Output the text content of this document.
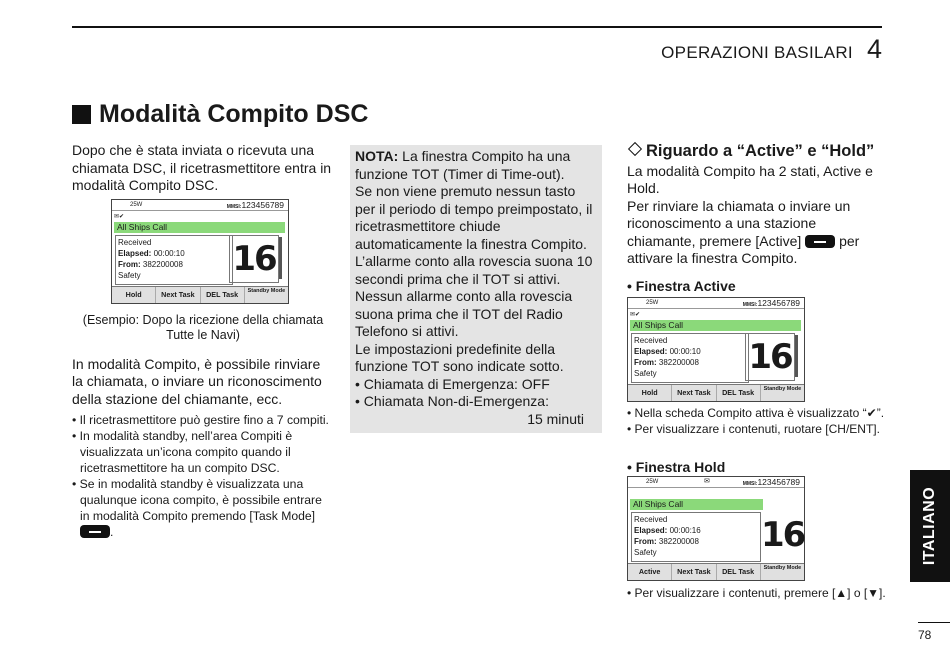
OPERAZIONI BASILARI 4
Modalità Compito DSC

Dopo che è stata inviata o ricevuta una chiamata DSC, il ricetrasmettitore entra in modalità Compito DSC.

25W	MMSI:123456789
✉✔
All Ships Call
Received
Elapsed: 00:00:10
From: 382200008
Safety	16
Hold	Next Task	DEL Task	Standby Mode

(Esempio: Dopo la ricezione della chiamata Tutte le Navi)

In modalità Compito, è possibile rinviare la chiamata, o inviare un riconoscimento della stazione del chiamante, ecc.

• Il ricetrasmettitore può gestire fino a 7 compiti.
• In modalità standby, nell’area Compiti è visualizzata un’icona compito quando il ricetrasmettitore ha un compito DSC.
• Se in modalità standby è visualizzata una qualunque icona compito, è possibile entrare in modalità Compito premendo [Task Mode] .

NOTA: La finestra Compito ha una funzione TOT (Timer di Time-out).

Se non viene premuto nessun tasto per il periodo di tempo preimpostato, il ricetrasmettitore chiude automaticamente la finestra Compito. L’allarme conto alla rovescia suona 10 secondi prima che il TOT si attivi. Nessun allarme conto alla rovescia suona prima che il TOT del Radio Telefono si attivi.

Le impostazioni predefinite della funzione TOT sono indicate sotto.

• Chiamata di Emergenza: OFF

• Chiamata Non-di-Emergenza:

15 minuti

Riguardo a “Active” e “Hold”

La modalità Compito ha 2 stati, Active e Hold.

Per rinviare la chiamata o inviare un riconoscimento a una stazione chiamante, premere [Active]  per attivare la finestra Compito.

• Finestra Active

25W	MMSI:123456789
✉✔
All Ships Call
Received
Elapsed: 00:00:10
From: 382200008
Safety	16
Hold	Next Task	DEL Task	Standby Mode
• Nella scheda Compito attiva è visualizzato “✔”.
• Per visualizzare i contenuti, ruotare [CH/ENT].
• Finestra Hold
25W	✉	MMSI:123456789
All Ships Call
Received
Elapsed: 00:00:16
From: 382200008
Safety	16
Active	Next Task	DEL Task	Standby Mode
• Per visualizzare i contenuti, premere [▲] o [▼].
ITALIANO
78
